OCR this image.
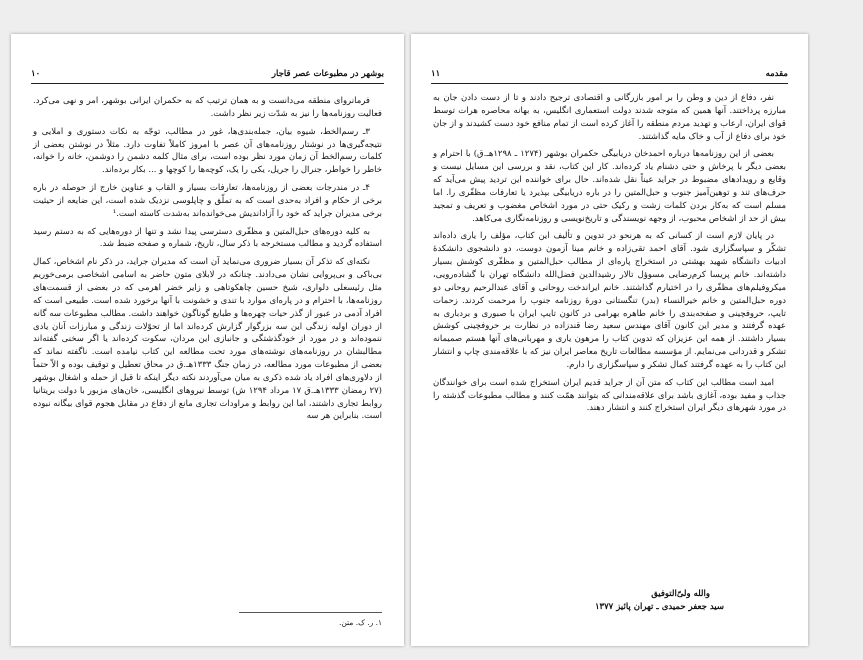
بوشهر در مطبوعات عصر قاجار
۱۰

فرمانروای منطقه می‌دانست و به همان ترتیب که به حکمران ایرانی بوشهر، امر و نهی می‌کرد. فعالیت روزنامه‌ها را نیز به شدّت زیر نظر داشت.

۳ـ رسم‌الخط، شیوه بیان، جمله‌بندی‌ها، غور در مطالب، توجّه به نکات دستوری و املایی و نتیجه‌گیری‌ها در نوشتار روزنامه‌های آن عصر با امروز کاملاً تفاوت دارد. مثلاً در نوشتن بعضی از کلمات رسم‌الخط آن زمان مورد نظر بوده است، برای مثال کلمه دشمن را دوشمن، خانه را خوانه، خاطر را خواطر، جنرال را جریل، یکی را یک، کوچه‌ها را کوچها و ... بکار برده‌اند.

۴ـ در مندرجات بعضی از روزنامه‌ها، تعارفات بسیار و القاب و عناوین خارج از حوصله در باره برخی از حکام و افراد به‌حدی است که به تملّق و چاپلوسی نزدیک شده است، این ضایعه از حیثیت برخی مدیران جراید که خود را آزاداندیش می‌خوانده‌اند به‌شدت کاسته است.¹

به کلیه دوره‌های حبل‌المتین و مظفّری دسترسی پیدا نشد و تنها از دوره‌هایی که به دستم رسید استفاده گردید و مطالب مستخرجه با ذکر سال، تاریخ، شماره و صفحه ضبط شد.

نکته‌ای که تذکر آن بسیار ضروری می‌نماید آن است که مدیران جراید، در ذکر نام اشخاص، کمال بی‌باکی و بی‌پروایی نشان می‌دادند. چنانکه در لابلای متون حاضر به اسامی اشخاصی برمی‌خوریم مثل رئیسعلی دلواری، شیخ حسین چاهکوتاهی و زایر خضر اهرمی که در بعضی از قسمت‌های روزنامه‌ها، با احترام و در پاره‌ای موارد با تندی و خشونت با آنها برخورد شده است. طبیعی است که افراد آدمی در عبور از گذر حیات چهره‌ها و طبایع گوناگون خواهند داشت. مطالب مطبوعات سه گانه از دوران اولیه زندگی این سه بزرگوار گزارش کرده‌اند اما از تحوّلات زندگی و مبارزات آنان یادی ننموده‌اند و در مورد از خودگذشتگی و جانبازی این مردان، سکوت کرده‌اند یا اگر سخنی گفته‌اند مطالبشان در روزنامه‌های نوشته‌های مورد تحت مطالعه این کتاب نیامده است. ناگفته نماند که بعضی از مطبوعات مورد مطالعه، در زمان جنگ ۱۳۳۳هـ.ق در محاق تعطیل و توقیف بوده و الاّ حتماً از دلاوری‌های افراد یاد شده ذکری به میان می‌آوردند نکته دیگر اینکه تا قبل از حمله و اشغال بوشهر (۲۷ رمضان ۱۳۳۳هـ.ق ۱۷ مرداد ۱۲۹۴ ش) توسط نیروهای انگلیسی، خان‌های مزبور با دولت بریتانیا روابط تجاری داشتند، اما این روابط و مراودات تجاری مانع از دفاع در مقابل هجوم قوای بیگانه نبوده است. بنابراین هر سه

۱. ر. ک. متن.
مقدمه
۱۱

نفر، دفاع از دین و وطن را بر امور بازرگانی و اقتصادی ترجیح دادند و تا از دست دادن جان به مبارزه پرداختند. آنها همین که متوجه شدند دولت استعماری انگلیس، به بهانه محاصره هرات توسط قوای ایران، ارعاب و تهدید مردم منطقه را آغاز کرده است از تمام منافع خود دست کشیدند و از جان خود برای دفاع از آب و خاک مایه گذاشتند.

بعضی از این روزنامه‌ها درباره احمدخان دریابیگی حکمران بوشهر (۱۲۷۴ ـ ۱۲۹۸هـ.ق) با احترام و بعضی دیگر با پرخاش و حتی دشنام یاد کرده‌اند. کار این کتاب، نقد و بررسی این مسایل نیست و وقایع و رویدادهای مضبوط در جراید عیناً نقل شده‌اند. حال برای خواننده این تردید پیش می‌آید که حرف‌های تند و توهین‌آمیز جنوب و حبل‌المتین را در باره دریابیگی بپذیرد یا تعارفات مظفّری را. اما مسلم است که به‌کار بردن کلمات زشت و رکیک حتی در مورد اشخاص مغضوب و تعریف و تمجید بیش از حد از اشخاص محبوب، از وجهه نویسندگی و تاریخ‌نویسی و روزنامه‌نگاری می‌کاهد.

در پایان لازم است از کسانی که به هرنحو در تدوین و تألیف این کتاب، مؤلف را یاری داده‌اند تشکّر و سپاسگزاری شود. آقای احمد تقی‌زاده و خانم مینا آزمون دوست، دو دانشجوی دانشکدهٔ ادبیات دانشگاه شهید بهشتی در استخراج پاره‌ای از مطالب حبل‌المتین و مظفّری کوشش بسیار داشته‌اند. خانم پریسا کرم‌رضایی مسوؤل تالار رشیدالدین فضل‌الله دانشگاه تهران با گشاده‌رویی، میکروفیلم‌های مظفّری را در اختیارم گذاشتند. خانم ایراندخت روحانی و آقای عبدالرحیم روحانی دو دوره حبل‌المتین و خانم خیرالنساء (بدر) تنگستانی دورهٔ روزنامه جنوب را مرحمت کردند. زحمات تایپ، حروفچینی و صفحه‌بندی را خانم طاهره بهرامی در کانون تایپ ایران با صبوری و بردباری به عهده گرفتند و مدیر این کانون آقای مهندس سعید رضا قندزاده در نظارت بر حروفچینی کوشش بسیار داشتند. از همه این عزیزان که تدوین کتاب را مرهون یاری و مهربانی‌های آنها هستم صمیمانه تشکر و قدردانی می‌نمایم. از مؤسسه مطالعات تاریخ معاصر ایران نیز که با علاقه‌مندی چاپ و انتشار این کتاب را به عهده گرفتند کمال تشکر و سپاسگزاری را دارم.

امید است مطالب این کتاب که متن آن از جراید قدیم ایران استخراج شده است برای خوانندگان جذاب و مفید بوده، آغازی باشد برای علاقه‌مندانی که بتوانند همّت کنند و مطالب مطبوعات گذشته را در مورد شهرهای دیگر ایران استخراج کنند و انتشار دهند.

والله ولیّ‌التوفیق
سید جعفر حمیدی ـ تهران پائیز ۱۳۷۷
